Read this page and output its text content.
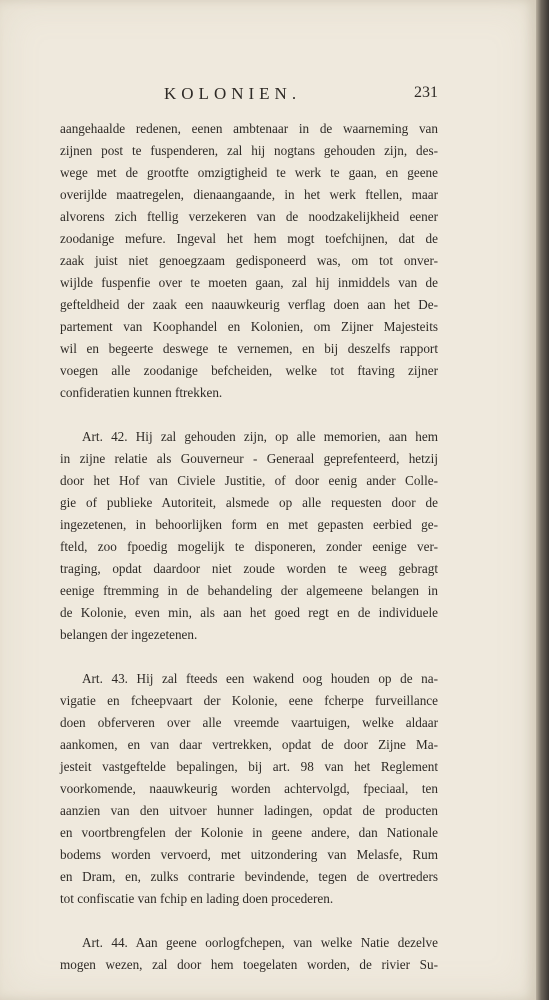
KOLONIEN.	231
aangehaalde redenen, eenen ambtenaar in de waarneming van
zijnen post te fuspenderen, zal hij nogtans gehouden zijn, des-
wege met de grootfte omzigtigheid te werk te gaan, en geene
overijlde maatregelen, dienaangaande, in het werk ftellen, maar
alvorens zich ftellig verzekeren van de noodzakelijkheid eener
zoodanige mefure. Ingeval het hem mogt toefchijnen, dat de
zaak juist niet genoegzaam gedisponeerd was, om tot onver-
wijlde fuspenfie over te moeten gaan, zal hij inmiddels van de
gefteldheid der zaak een naauwkeurig verflag doen aan het De-
partement van Koophandel en Kolonien, om Zijner Majesteits
wil en begeerte deswege te vernemen, en bij deszelfs rapport
voegen alle zoodanige befcheiden, welke tot ftaving zijner
confideratien kunnen ftrekken.
Art. 42. Hij zal gehouden zijn, op alle memorien, aan hem
in zijne relatie als Gouverneur - Generaal geprefenteerd, hetzij
door het Hof van Civiele Justitie, of door eenig ander Colle-
gie of publieke Autoriteit, alsmede op alle requesten door de
ingezetenen, in behoorlijken form en met gepasten eerbied ge-
fteld, zoo fpoedig mogelijk te disponeren, zonder eenige ver-
traging, opdat daardoor niet zoude worden te weeg gebragt
eenige ftremming in de behandeling der algemeene belangen in
de Kolonie, even min, als aan het goed regt en de individuele
belangen der ingezetenen.
Art. 43. Hij zal fteeds een wakend oog houden op de na-
vigatie en fcheepvaart der Kolonie, eene fcherpe furveillance
doen obferveren over alle vreemde vaartuigen, welke aldaar
aankomen, en van daar vertrekken, opdat de door Zijne Ma-
jesteit vastgeftelde bepalingen, bij art. 98 van het Reglement
voorkomende, naauwkeurig worden achtervolgd, fpeciaal, ten
aanzien van den uitvoer hunner ladingen, opdat de producten
en voortbrengfelen der Kolonie in geene andere, dan Nationale
bodems worden vervoerd, met uitzondering van Melasfe, Rum
en Dram, en, zulks contrarie bevindende, tegen de overtreders
tot confiscatie van fchip en lading doen procederen.
Art. 44. Aan geene oorlogfchepen, van welke Natie dezelve
mogen wezen, zal door hem toegelaten worden, de rivier Su-
